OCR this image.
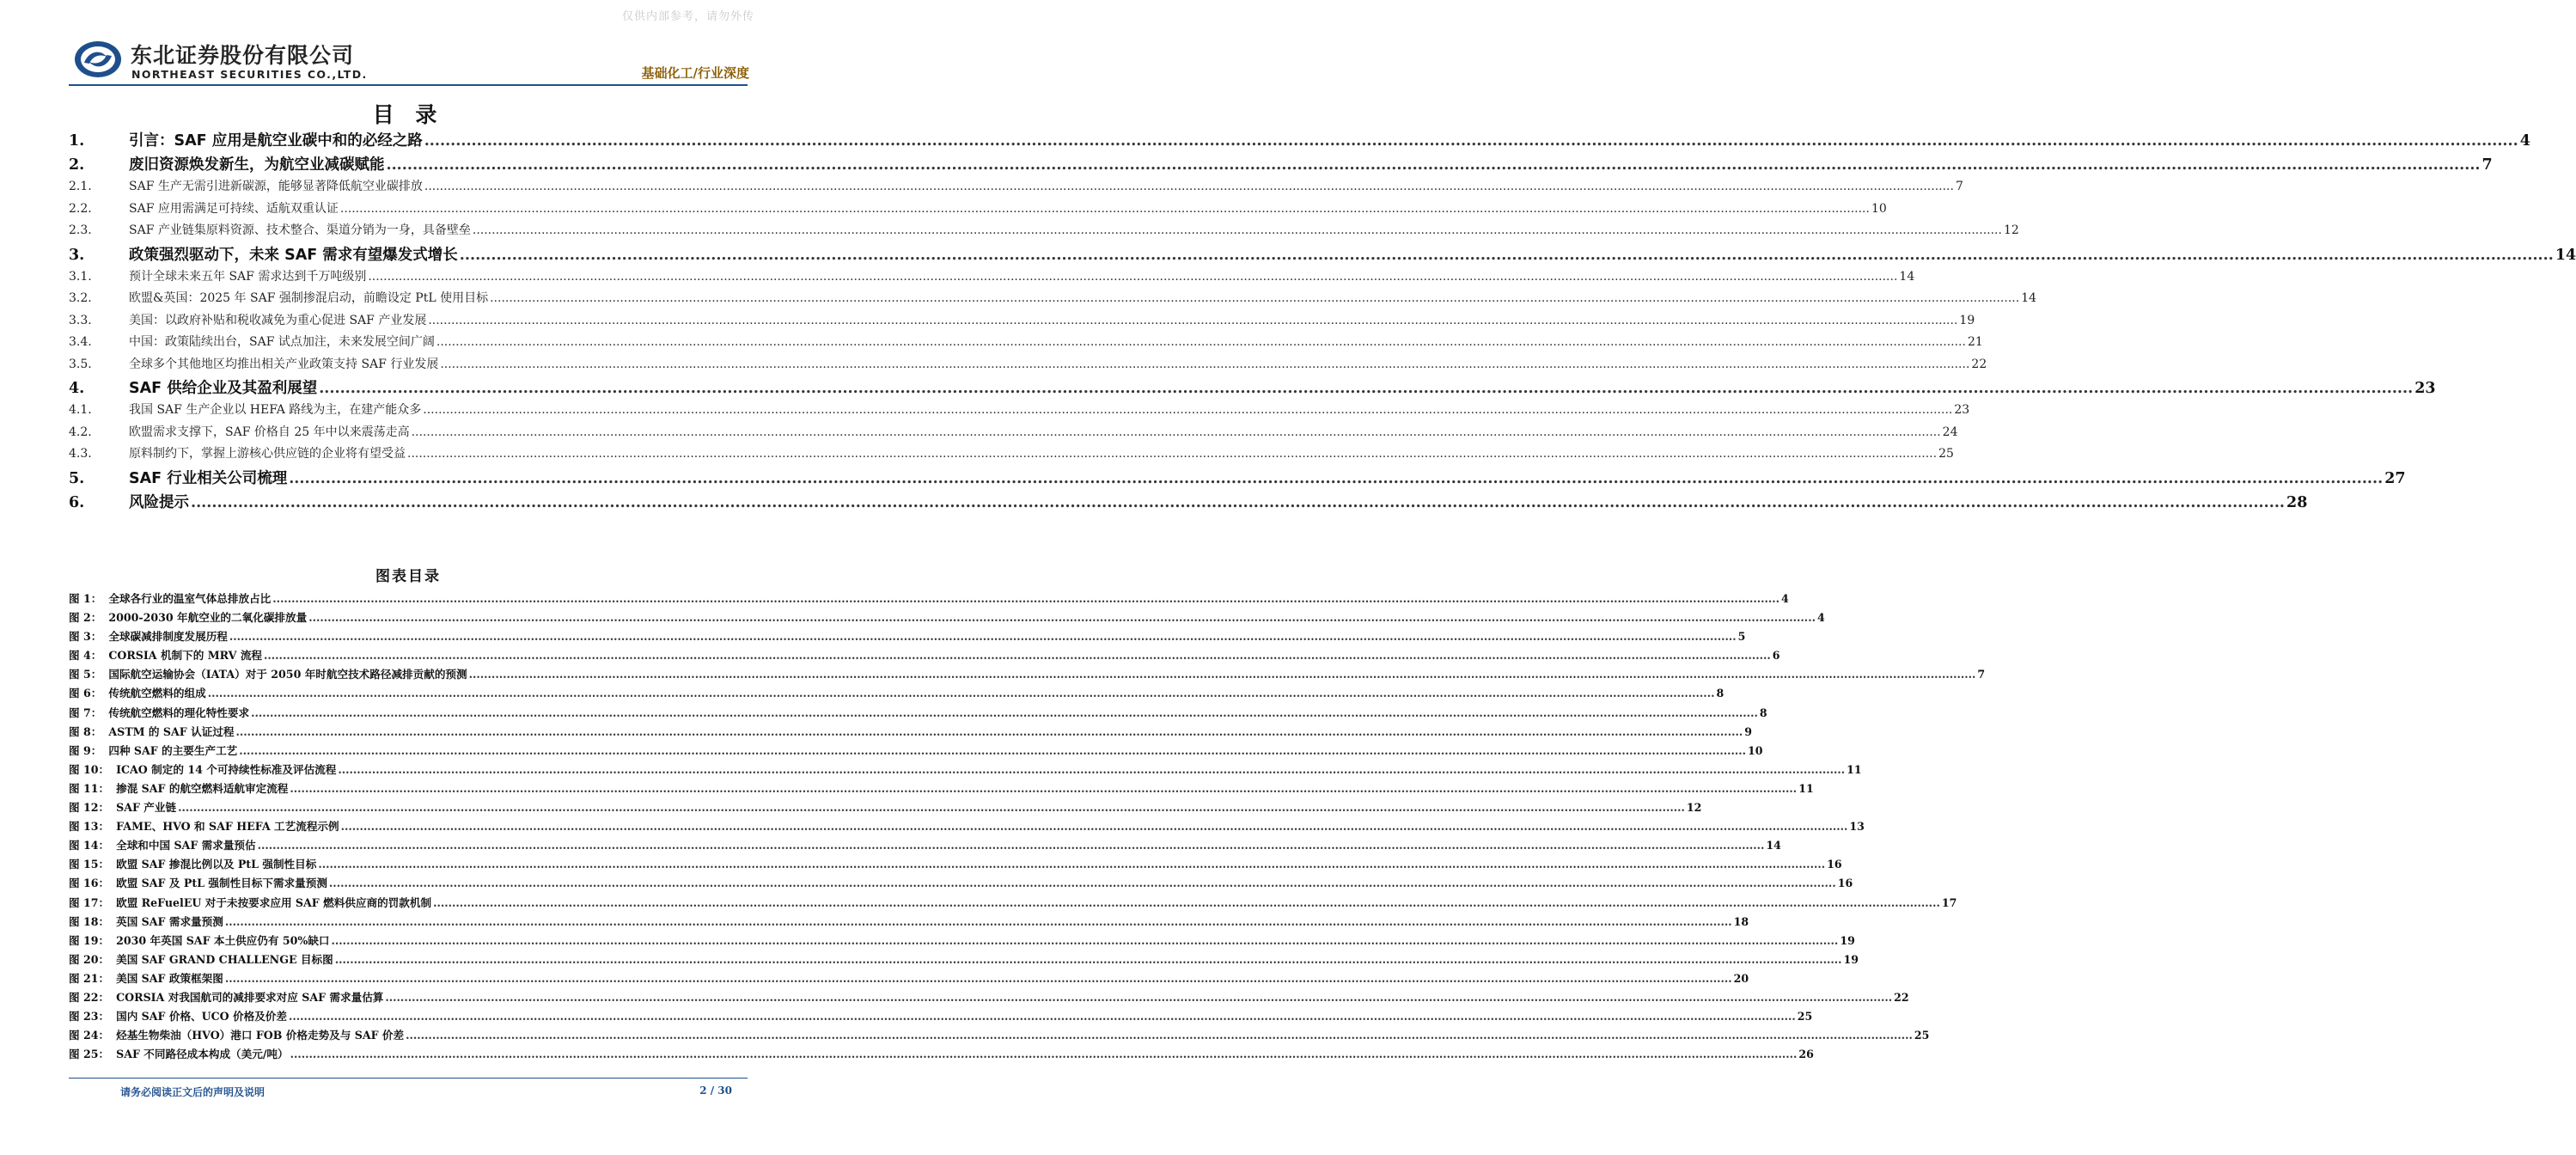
仅供内部参考，请勿外传
东北证券股份有限公司
NORTHEAST SECURITIES CO.,LTD.	基础化工/行业深度
目 录
1.	引言：SAF 应用是航空业碳中和的必经之路 ................................................................................................................................................................................................................................................................................................................................................................................................................ 4
2.	废旧资源焕发新生，为航空业减碳赋能 ................................................................................................................................................................................................................................................................................................................................................................................................................ 7
2.1.	SAF 生产无需引进新碳源，能够显著降低航空业碳排放 ................................................................................................................................................................................................................................................................................................................................................................................................................ 7
2.2.	SAF 应用需满足可持续、适航双重认证 ................................................................................................................................................................................................................................................................................................................................................................................................................ 10
2.3.	SAF 产业链集原料资源、技术整合、渠道分销为一身，具备壁垒 ................................................................................................................................................................................................................................................................................................................................................................................................................ 12
3.	政策强烈驱动下，未来 SAF 需求有望爆发式增长 ................................................................................................................................................................................................................................................................................................................................................................................................................ 14
3.1.	预计全球未来五年 SAF 需求达到千万吨级别 ................................................................................................................................................................................................................................................................................................................................................................................................................ 14
3.2.	欧盟&英国：2025 年 SAF 强制掺混启动，前瞻设定 PtL 使用目标 ................................................................................................................................................................................................................................................................................................................................................................................................................ 14
3.3.	美国：以政府补贴和税收减免为重心促进 SAF 产业发展 ................................................................................................................................................................................................................................................................................................................................................................................................................ 19
3.4.	中国：政策陆续出台，SAF 试点加注，未来发展空间广阔 ................................................................................................................................................................................................................................................................................................................................................................................................................ 21
3.5.	全球多个其他地区均推出相关产业政策支持 SAF 行业发展 ................................................................................................................................................................................................................................................................................................................................................................................................................ 22
4.	SAF 供给企业及其盈利展望 ................................................................................................................................................................................................................................................................................................................................................................................................................ 23
4.1.	我国 SAF 生产企业以 HEFA 路线为主，在建产能众多 ................................................................................................................................................................................................................................................................................................................................................................................................................ 23
4.2.	欧盟需求支撑下，SAF 价格自 25 年中以来震荡走高 ................................................................................................................................................................................................................................................................................................................................................................................................................ 24
4.3.	原料制约下，掌握上游核心供应链的企业将有望受益 ................................................................................................................................................................................................................................................................................................................................................................................................................ 25
5.	SAF 行业相关公司梳理 ................................................................................................................................................................................................................................................................................................................................................................................................................ 27
6.	风险提示 ................................................................................................................................................................................................................................................................................................................................................................................................................ 28
图表目录
图 1： 全球各行业的温室气体总排放占比 ................................................................................................................................................................................................................................................................................................................................................................................................................ 4
图 2： 2000-2030 年航空业的二氧化碳排放量 ................................................................................................................................................................................................................................................................................................................................................................................................................ 4
图 3： 全球碳减排制度发展历程 ................................................................................................................................................................................................................................................................................................................................................................................................................ 5
图 4： CORSIA 机制下的 MRV 流程 ................................................................................................................................................................................................................................................................................................................................................................................................................ 6
图 5： 国际航空运输协会（IATA）对于 2050 年时航空技术路径减排贡献的预测 ................................................................................................................................................................................................................................................................................................................................................................................................................ 7
图 6： 传统航空燃料的组成 ................................................................................................................................................................................................................................................................................................................................................................................................................ 8
图 7： 传统航空燃料的理化特性要求 ................................................................................................................................................................................................................................................................................................................................................................................................................ 8
图 8： ASTM 的 SAF 认证过程 ................................................................................................................................................................................................................................................................................................................................................................................................................ 9
图 9： 四种 SAF 的主要生产工艺 ................................................................................................................................................................................................................................................................................................................................................................................................................ 10
图 10： ICAO 制定的 14 个可持续性标准及评估流程 ................................................................................................................................................................................................................................................................................................................................................................................................................ 11
图 11： 掺混 SAF 的航空燃料适航审定流程 ................................................................................................................................................................................................................................................................................................................................................................................................................ 11
图 12： SAF 产业链 ................................................................................................................................................................................................................................................................................................................................................................................................................ 12
图 13： FAME、HVO 和 SAF HEFA 工艺流程示例 ................................................................................................................................................................................................................................................................................................................................................................................................................ 13
图 14： 全球和中国 SAF 需求量预估 ................................................................................................................................................................................................................................................................................................................................................................................................................ 14
图 15： 欧盟 SAF 掺混比例以及 PtL 强制性目标 ................................................................................................................................................................................................................................................................................................................................................................................................................ 16
图 16： 欧盟 SAF 及 PtL 强制性目标下需求量预测 ................................................................................................................................................................................................................................................................................................................................................................................................................ 16
图 17： 欧盟 ReFuelEU 对于未按要求应用 SAF 燃料供应商的罚款机制 ................................................................................................................................................................................................................................................................................................................................................................................................................ 17
图 18： 英国 SAF 需求量预测 ................................................................................................................................................................................................................................................................................................................................................................................................................ 18
图 19： 2030 年英国 SAF 本土供应仍有 50%缺口 ................................................................................................................................................................................................................................................................................................................................................................................................................ 19
图 20： 美国 SAF GRAND CHALLENGE 目标图 ................................................................................................................................................................................................................................................................................................................................................................................................................ 19
图 21： 美国 SAF 政策框架图 ................................................................................................................................................................................................................................................................................................................................................................................................................ 20
图 22： CORSIA 对我国航司的减排要求对应 SAF 需求量估算 ................................................................................................................................................................................................................................................................................................................................................................................................................ 22
图 23： 国内 SAF 价格、UCO 价格及价差 ................................................................................................................................................................................................................................................................................................................................................................................................................ 25
图 24： 烃基生物柴油（HVO）港口 FOB 价格走势及与 SAF 价差 ................................................................................................................................................................................................................................................................................................................................................................................................................ 25
图 25： SAF 不同路径成本构成（美元/吨） ................................................................................................................................................................................................................................................................................................................................................................................................................ 26
请务必阅读正文后的声明及说明	2 / 30
